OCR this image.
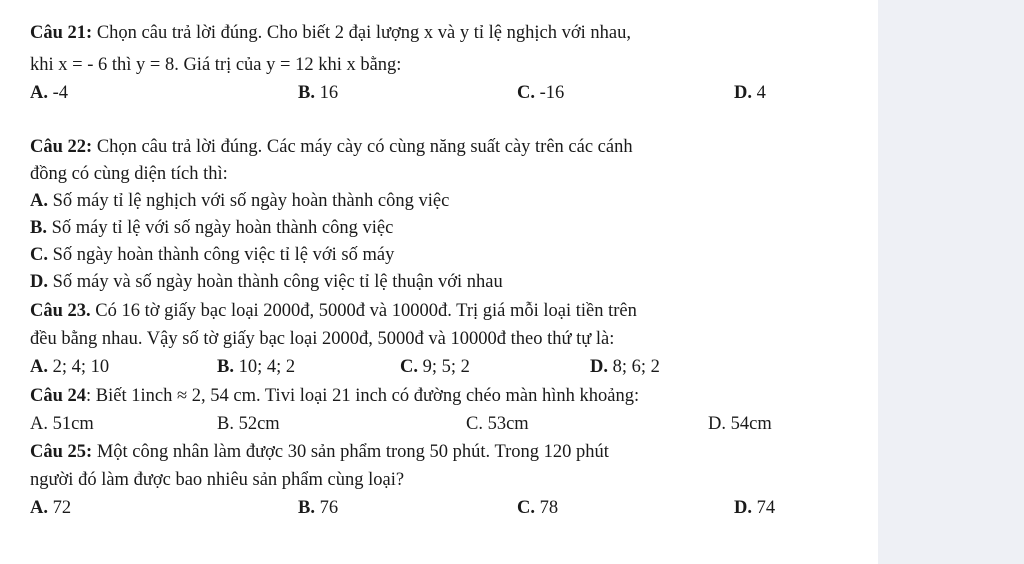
Câu 21: Chọn câu trả lời đúng. Cho biết 2 đại lượng x và y tỉ lệ nghịch với nhau,
khi x = - 6 thì y = 8. Giá trị của y = 12 khi x bằng:
A. -4	B. 16	C. -16	D. 4
Câu 22: Chọn câu trả lời đúng. Các máy cày có cùng năng suất cày trên các cánh
đồng có cùng diện tích thì:
A. Số máy tỉ lệ nghịch với số ngày hoàn thành công việc
B. Số máy tỉ lệ với số ngày hoàn thành công việc
C. Số ngày hoàn thành công việc tỉ lệ với số máy
D. Số máy và số ngày hoàn thành công việc tỉ lệ thuận với nhau
Câu 23. Có 16 tờ giấy bạc loại 2000đ, 5000đ và 10000đ. Trị giá mỗi loại tiền trên
đều bằng nhau. Vậy số tờ giấy bạc loại 2000đ, 5000đ và 10000đ theo thứ tự là:
A. 2; 4; 10	B. 10; 4; 2	C. 9; 5; 2	D. 8; 6; 2
Câu 24: Biết 1inch ≈ 2, 54 cm. Tivi loại 21 inch có đường chéo màn hình khoảng:
A. 51cm	B. 52cm	C. 53cm	D. 54cm
Câu 25: Một công nhân làm được 30 sản phẩm trong 50 phút. Trong 120 phút
người đó làm được bao nhiêu sản phẩm cùng loại?
A. 72	B. 76	C. 78	D. 74
